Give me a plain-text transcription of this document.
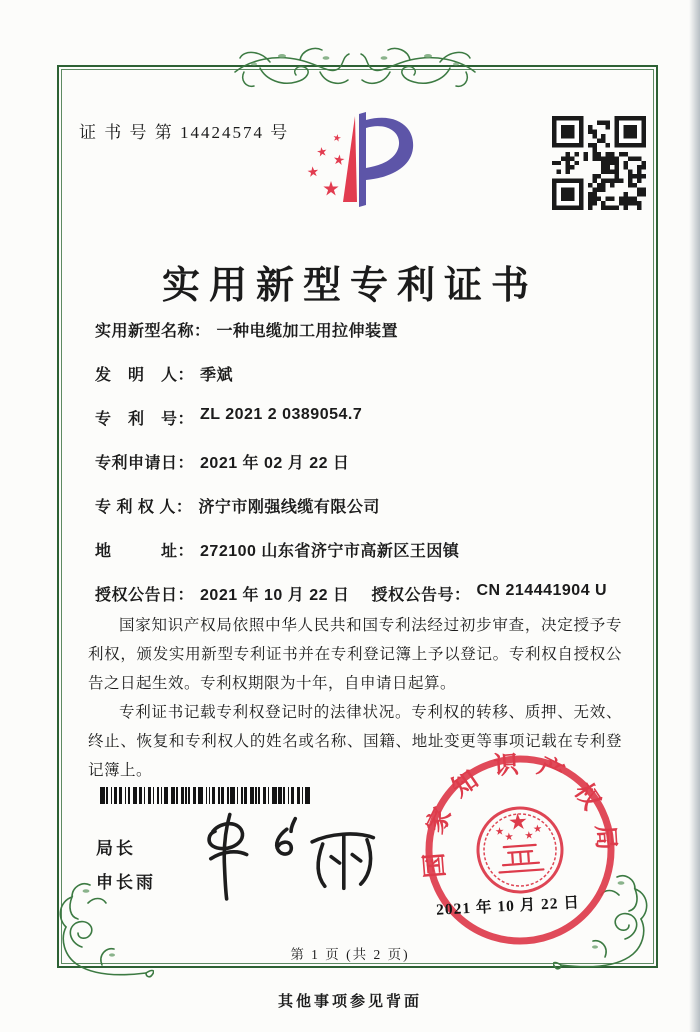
证 书 号 第 14424574 号
实用新型专利证书
实用新型名称： 一种电缆加工用拉伸装置
发　明　人： 季斌
专　利　号： ZL 2021 2 0389054.7
专利申请日： 2021 年 02 月 22 日
专 利 权 人： 济宁市刚强线缆有限公司
地　　　址： 272100 山东省济宁市高新区王因镇
授权公告日： 2021 年 10 月 22 日 授权公告号： CN 214441904 U

国家知识产权局依照中华人民共和国专利法经过初步审查，决定授予专利权，颁发实用新型专利证书并在专利登记簿上予以登记。专利权自授权公告之日起生效。专利权期限为十年，自申请日起算。

专利证书记载专利权登记时的法律状况。专利权的转移、质押、无效、终止、恢复和专利权人的姓名或名称、国籍、地址变更等事项记载在专利登记簿上。

局长
申长雨
国家知识产权局
2021 年 10 月 22 日
第 1 页 (共 2 页)
其他事项参见背面
